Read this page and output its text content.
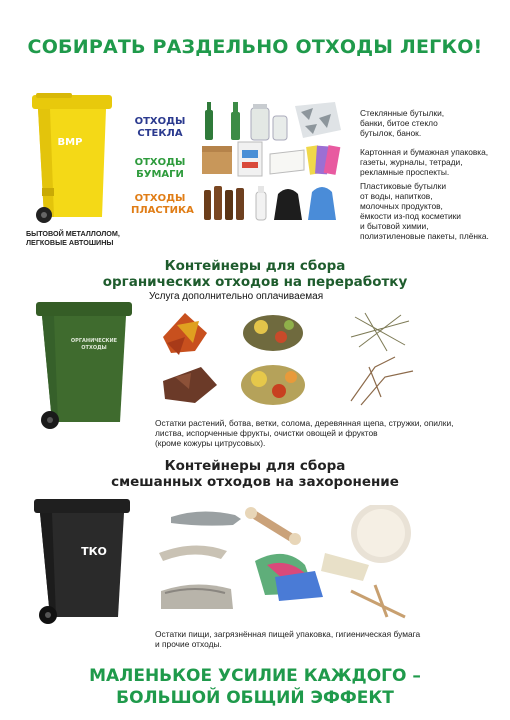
СОБИРАТЬ РАЗДЕЛЬНО ОТХОДЫ ЛЕГКО!
ВМР
БЫТОВОЙ МЕТАЛЛОЛОМ,
ЛЕГКОВЫЕ АВТОШИНЫ
ОТХОДЫ
СТЕКЛА
ОТХОДЫ
БУМАГИ
ОТХОДЫ
ПЛАСТИКА
Стеклянные бутылки,
банки, битое стекло
бутылок, банок.
Картонная и бумажная упаковка,
газеты, журналы, тетради,
рекламные проспекты.
Пластиковые бутылки
от воды, напитков,
молочных продуктов,
ёмкости из-под косметики
и бытовой химии,
полиэтиленовые пакеты, плёнка.
Контейнеры для сбора
органических отходов на переработку
Услуга дополнительно оплачиваемая
ОРГАНИЧЕСКИЕ
ОТХОДЫ
Остатки растений, ботва, ветки, солома, деревянная щепа, стружки, опилки,
листва, испорченные фрукты, очистки овощей и фруктов
(кроме кожуры цитрусовых).
Контейнеры для сбора
смешанных отходов на захоронение
ТКО
Остатки пищи, загрязнённая пищей упаковка, гигиеническая бумага
и прочие отходы.
МАЛЕНЬКОЕ УСИЛИЕ КАЖДОГО –
БОЛЬШОЙ ОБЩИЙ ЭФФЕКТ
